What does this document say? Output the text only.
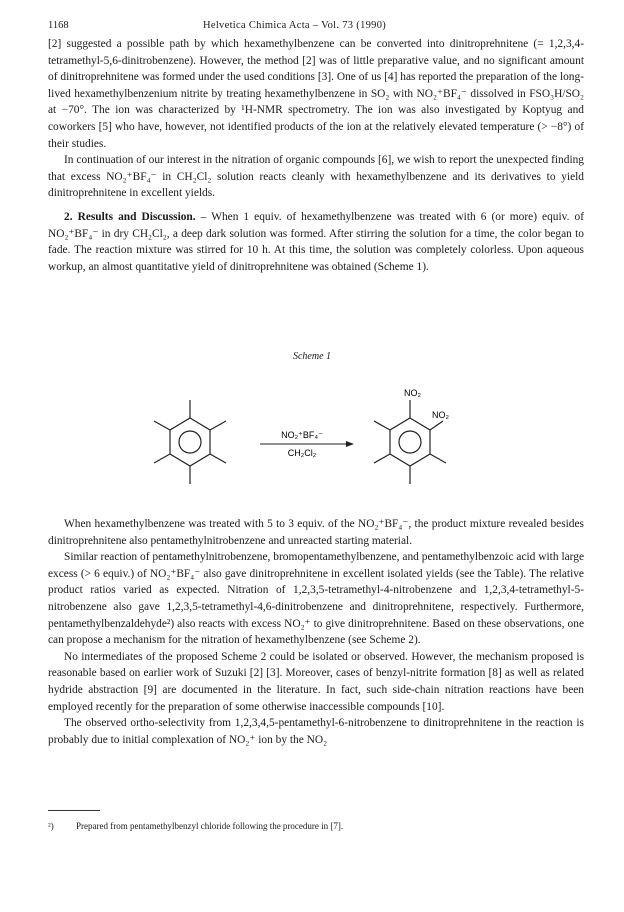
1168	Helvetica Chimica Acta – Vol. 73 (1990)

[2] suggested a possible path by which hexamethylbenzene can be converted into dinitroprehnitene (= 1,2,3,4-tetramethyl-5,6-dinitrobenzene). However, the method [2] was of little preparative value, and no significant amount of dinitroprehnitene was formed under the used conditions [3]. One of us [4] has reported the preparation of the long-lived hexamethylbenzenium nitrite by treating hexamethylbenzene in SO₂ with NO₂⁺BF₄⁻ dissolved in FSO₃H/SO₂ at −70°. The ion was characterized by ¹H-NMR spectrometry. The ion was also investigated by Koptyug and coworkers [5] who have, however, not identified products of the ion at the relatively elevated temperature (> −8°) of their studies.

In continuation of our interest in the nitration of organic compounds [6], we wish to report the unexpected finding that excess NO₂⁺BF₄⁻ in CH₂Cl₂ solution reacts cleanly with hexamethylbenzene and its derivatives to yield dinitroprehnitene in excellent yields.

2. Results and Discussion. – When 1 equiv. of hexamethylbenzene was treated with 6 (or more) equiv. of NO₂⁺BF₄⁻ in dry CH₂Cl₂, a deep dark solution was formed. After stirring the solution for a time, the color began to fade. The reaction mixture was stirred for 10 h. At this time, the solution was completely colorless. Upon aqueous workup, an almost quantitative yield of dinitroprehnitene was obtained (Scheme 1).

Scheme 1
NO₂⁺BF₄⁻
CH₂Cl₂
NO₂
NO₂

When hexamethylbenzene was treated with 5 to 3 equiv. of the NO₂⁺BF₄⁻, the product mixture revealed besides dinitroprehnitene also pentamethylnitrobenzene and unreacted starting material.

Similar reaction of pentamethylnitrobenzene, bromopentamethylbenzene, and pentamethylbenzoic acid with large excess (> 6 equiv.) of NO₂⁺BF₄⁻ also gave dinitroprehnitene in excellent isolated yields (see the Table). The relative product ratios varied as expected. Nitration of 1,2,3,5-tetramethyl-4-nitrobenzene and 1,2,3,4-tetramethyl-5-nitrobenzene also gave 1,2,3,5-tetramethyl-4,6-dinitrobenzene and dinitroprehnitene, respectively. Furthermore, pentamethylbenzaldehyde²) also reacts with excess NO₂⁺ to give dinitroprehnitene. Based on these observations, one can propose a mechanism for the nitration of hexamethylbenzene (see Scheme 2).

No intermediates of the proposed Scheme 2 could be isolated or observed. However, the mechanism proposed is reasonable based on earlier work of Suzuki [2] [3]. Moreover, cases of benzyl-nitrite formation [8] as well as related hydride abstraction [9] are documented in the literature. In fact, such side-chain nitration reactions have been employed recently for the preparation of some otherwise inaccessible compounds [10].

The observed ortho-selectivity from 1,2,3,4,5-pentamethyl-6-nitrobenzene to dinitroprehnitene in the reaction is probably due to initial complexation of NO₂⁺ ion by the NO₂

²) Prepared from pentamethylbenzyl chloride following the procedure in [7].
